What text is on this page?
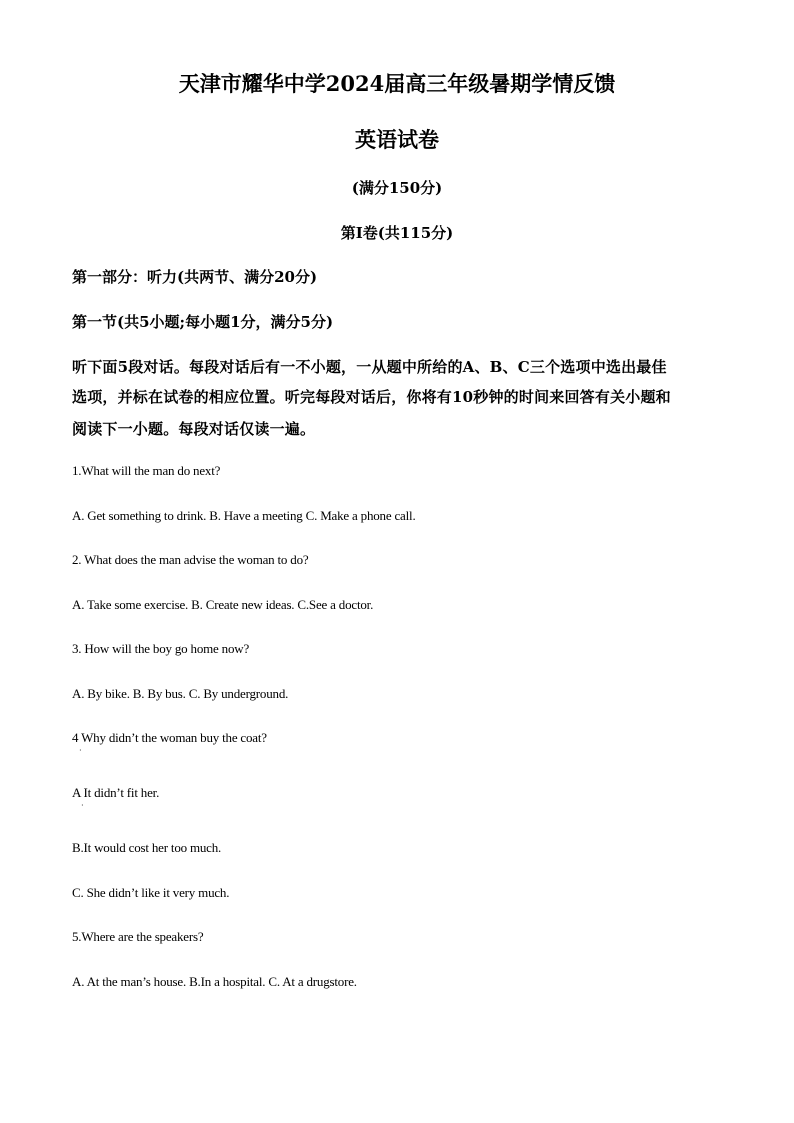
天津市耀华中学2024届高三年级暑期学情反馈
英语试卷
(满分150分)
第I卷(共115分)
第一部分：听力(共两节、满分20分)
第一节(共5小题;每小题1分，满分5分)
听下面5段对话。每段对话后有一不小题，一从题中所给的A、B、C三个选项中选出最佳
选项，并标在试卷的相应位置。听完每段对话后，你将有10秒钟的时间来回答有关小题和
阅读下一小题。每段对话仅读一遍。
1.What will the man do next?
A. Get something to drink. B. Have a meeting C. Make a phone call.
2. What does the man advise the woman to do?
A. Take some exercise. B. Create new ideas. C.See a doctor.
3. How will the boy go home now?
A. By bike. B. By bus. C. By underground.
4 Why didn’t the woman buy the coat?
·
A It didn’t fit her.
·
B.It would cost her too much.
C. She didn’t like it very much.
5.Where are the speakers?
A. At the man’s house. B.In a hospital. C. At a drugstore.
